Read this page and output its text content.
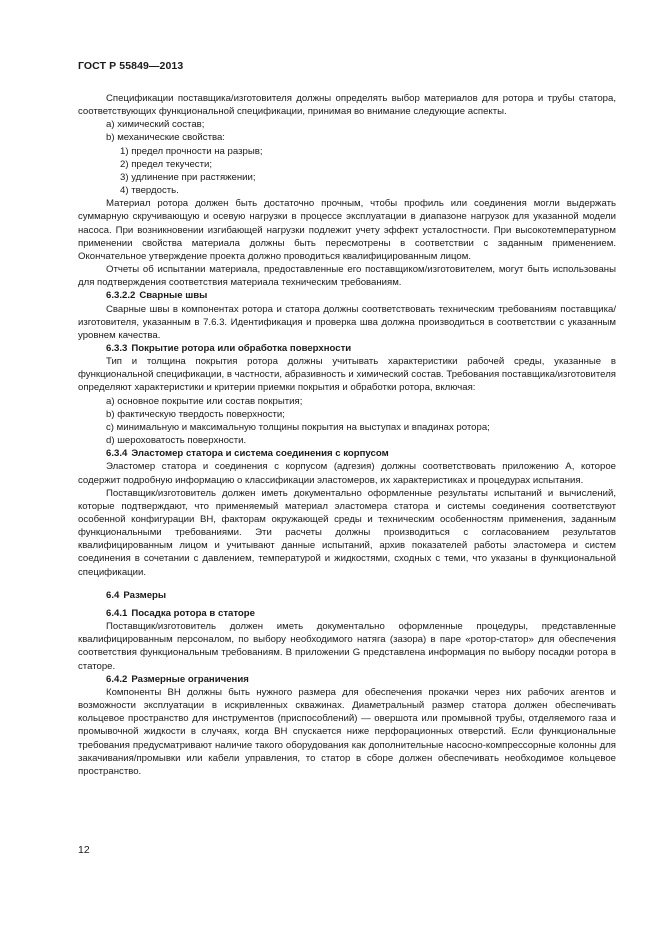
ГОСТ Р 55849—2013

Спецификации поставщика/изготовителя должны определять выбор материалов для ротора и трубы статора, соответствующих функциональной спецификации, принимая во внимание следующие аспекты.

а) химический состав;

b) механические свойства:

1) предел прочности на разрыв;

2) предел текучести;

3) удлинение при растяжении;

4) твердость.

Материал ротора должен быть достаточно прочным, чтобы профиль или соединения могли выдержать суммарную скручивающую и осевую нагрузки в процессе эксплуатации в диапазоне нагрузок для указанной модели насоса. При возникновении изгибающей нагрузки подлежит учету эффект усталостности. При высокотемпературном применении свойства материала должны быть пересмотрены в соответствии с заданным применением. Окончательное утверждение проекта должно проводиться квалифицированным лицом.

Отчеты об испытании материала, предоставленные его поставщиком/изготовителем, могут быть использованы для подтверждения соответствия материала техническим требованиям.

6.3.2.2 Сварные швы

Сварные швы в компонентах ротора и статора должны соответствовать техническим требованиям поставщика/изготовителя, указанным в 7.6.3. Идентификация и проверка шва должна производиться в соответствии с указанным уровнем качества.

6.3.3 Покрытие ротора или обработка поверхности

Тип и толщина покрытия ротора должны учитывать характеристики рабочей среды, указанные в функциональной спецификации, в частности, абразивность и химический состав. Требования поставщика/изготовителя определяют характеристики и критерии приемки покрытия и обработки ротора, включая:

а) основное покрытие или состав покрытия;

b) фактическую твердость поверхности;

с) минимальную и максимальную толщины покрытия на выступах и впадинах ротора;

d) шероховатость поверхности.

6.3.4 Эластомер статора и система соединения с корпусом

Эластомер статора и соединения с корпусом (адгезия) должны соответствовать приложению А, которое содержит подробную информацию о классификации эластомеров, их характеристиках и процедурах испытания.

Поставщик/изготовитель должен иметь документально оформленные результаты испытаний и вычислений, которые подтверждают, что применяемый материал эластомера статора и системы соединения соответствуют особенной конфигурации ВН, факторам окружающей среды и техническим особенностям применения, заданным функциональными требованиями. Эти расчеты должны производиться с согласованием результатов квалифицированным лицом и учитывают данные испытаний, архив показателей работы эластомера и систем соединения в сочетании с давлением, температурой и жидкостями, сходных с теми, что указаны в функциональной спецификации.

6.4 Размеры

6.4.1 Посадка ротора в статоре

Поставщик/изготовитель должен иметь документально оформленные процедуры, представленные квалифицированным персоналом, по выбору необходимого натяга (зазора) в паре «ротор-статор» для обеспечения соответствия функциональным требованиям. В приложении G представлена информация по выбору посадки ротора в статоре.

6.4.2 Размерные ограничения

Компоненты ВН должны быть нужного размера для обеспечения прокачки через них рабочих агентов и возможности эксплуатации в искривленных скважинах. Диаметральный размер статора должен обеспечивать кольцевое пространство для инструментов (приспособлений) — овершота или промывной трубы, отделяемого газа и промывочной жидкости в случаях, когда ВН спускается ниже перфорационных отверстий. Если функциональные требования предусматривают наличие такого оборудования как дополнительные насосно-компрессорные колонны для закачивания/промывки или кабели управления, то статор в сборе должен обеспечивать необходимое кольцевое пространство.

12
